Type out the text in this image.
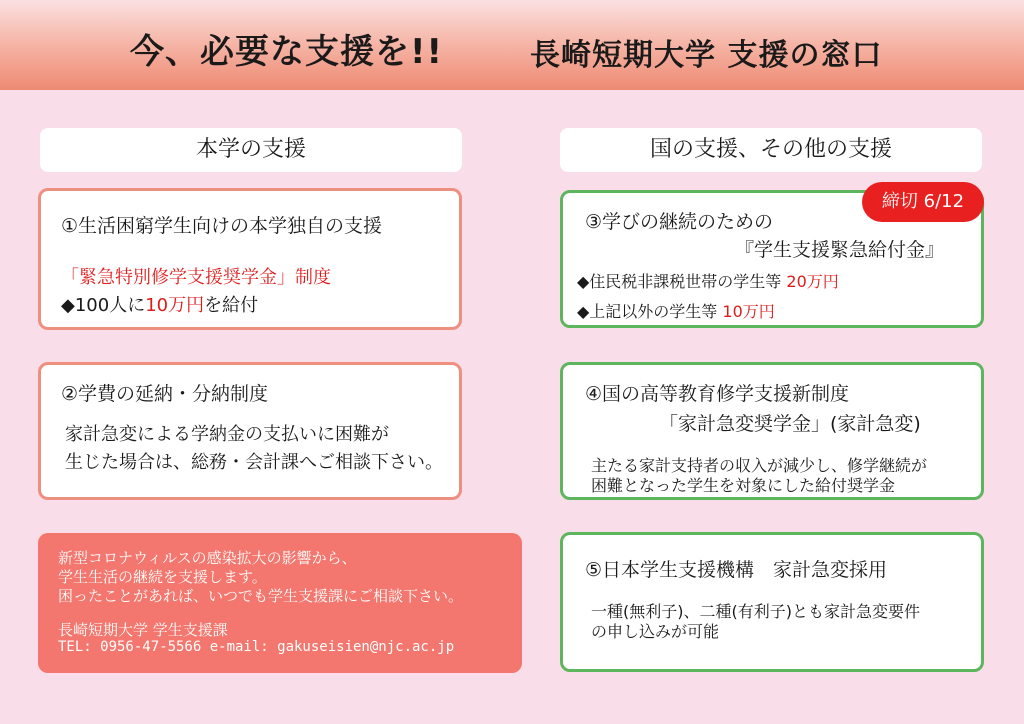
今、必要な支援を!!	長崎短期大学 支援の窓口
本学の支援	国の支援、その他の支援
①生活困窮学生向けの本学独自の支援
「緊急特別修学支援奨学金」制度
◆100人に10万円を給付
②学費の延納・分納制度
家計急変による学納金の支払いに困難が
生じた場合は、総務・会計課へご相談下さい。
新型コロナウィルスの感染拡大の影響から、
学生生活の継続を支援します。
困ったことがあれば、いつでも学生支援課にご相談下さい。
長崎短期大学 学生支援課
TEL: 0956-47-5566 e-mail: gakuseisien@njc.ac.jp
③学びの継続のための
『学生支援緊急給付金』
◆住民税非課税世帯の学生等 20万円
◆上記以外の学生等 10万円
締切 6/12
④国の高等教育修学支援新制度
「家計急変奨学金」(家計急変)
主たる家計支持者の収入が減少し、修学継続が
困難となった学生を対象にした給付奨学金
⑤日本学生支援機構　家計急変採用
一種(無利子)、二種(有利子)とも家計急変要件
の申し込みが可能
